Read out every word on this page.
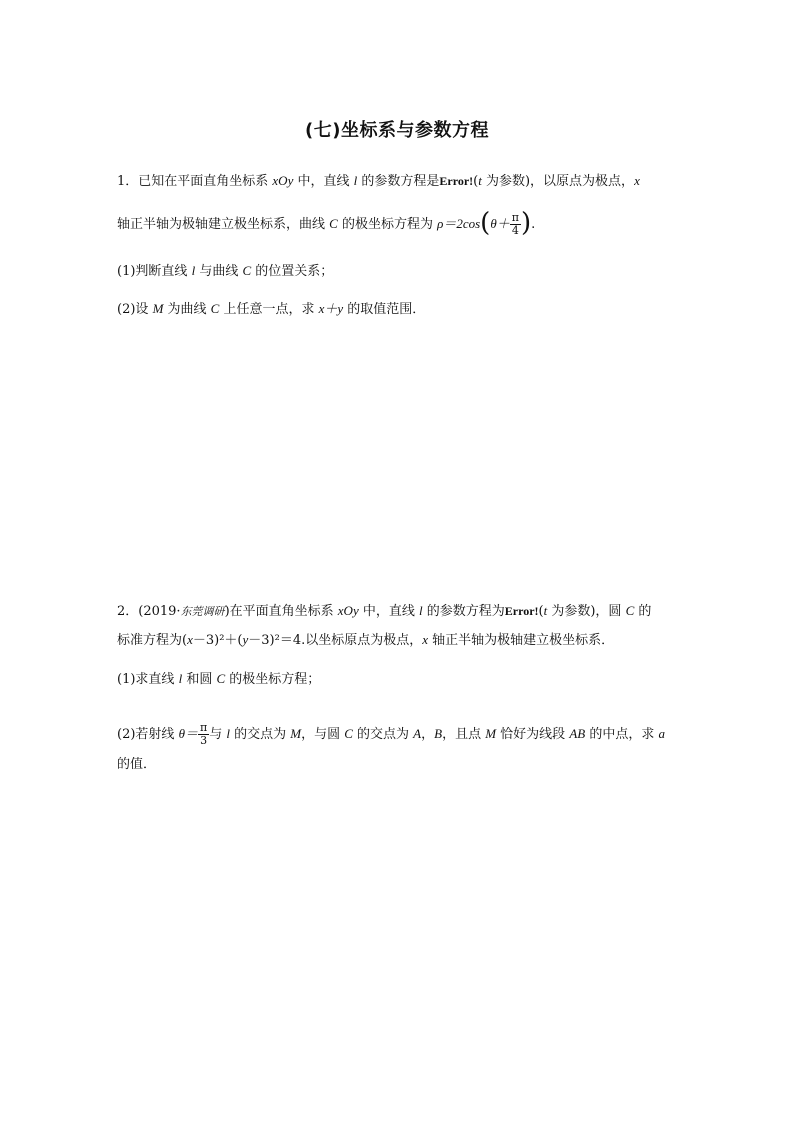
(七)坐标系与参数方程
1．已知在平面直角坐标系 xOy 中，直线 l 的参数方程是Error!(t 为参数)，以原点为极点，x
轴正半轴为极轴建立极坐标系，曲线 C 的极坐标方程为 $\rho=2\cos(\theta+ \frac{\pi}{4}$ ).
(1)判断直线 l 与曲线 C 的位置关系；
(2)设 M 为曲线 C 上任意一点，求 x＋y 的取值范围．
2．(2019·东莞调研)在平面直角坐标系 xOy 中，直线 l 的参数方程为Error!(t 为参数)，圆 C 的
标准方程为(x－3)²＋(y－3)²＝4.以坐标原点为极点，x 轴正半轴为极轴建立极坐标系．
(1)求直线 l 和圆 C 的极坐标方程；
(2)若射线 $\theta= \frac{\pi}{3}$ 与 l 的交点为 M，与圆 C 的交点为 A，B，且点 M 恰好为线段 AB 的中点，求 a
的值．
